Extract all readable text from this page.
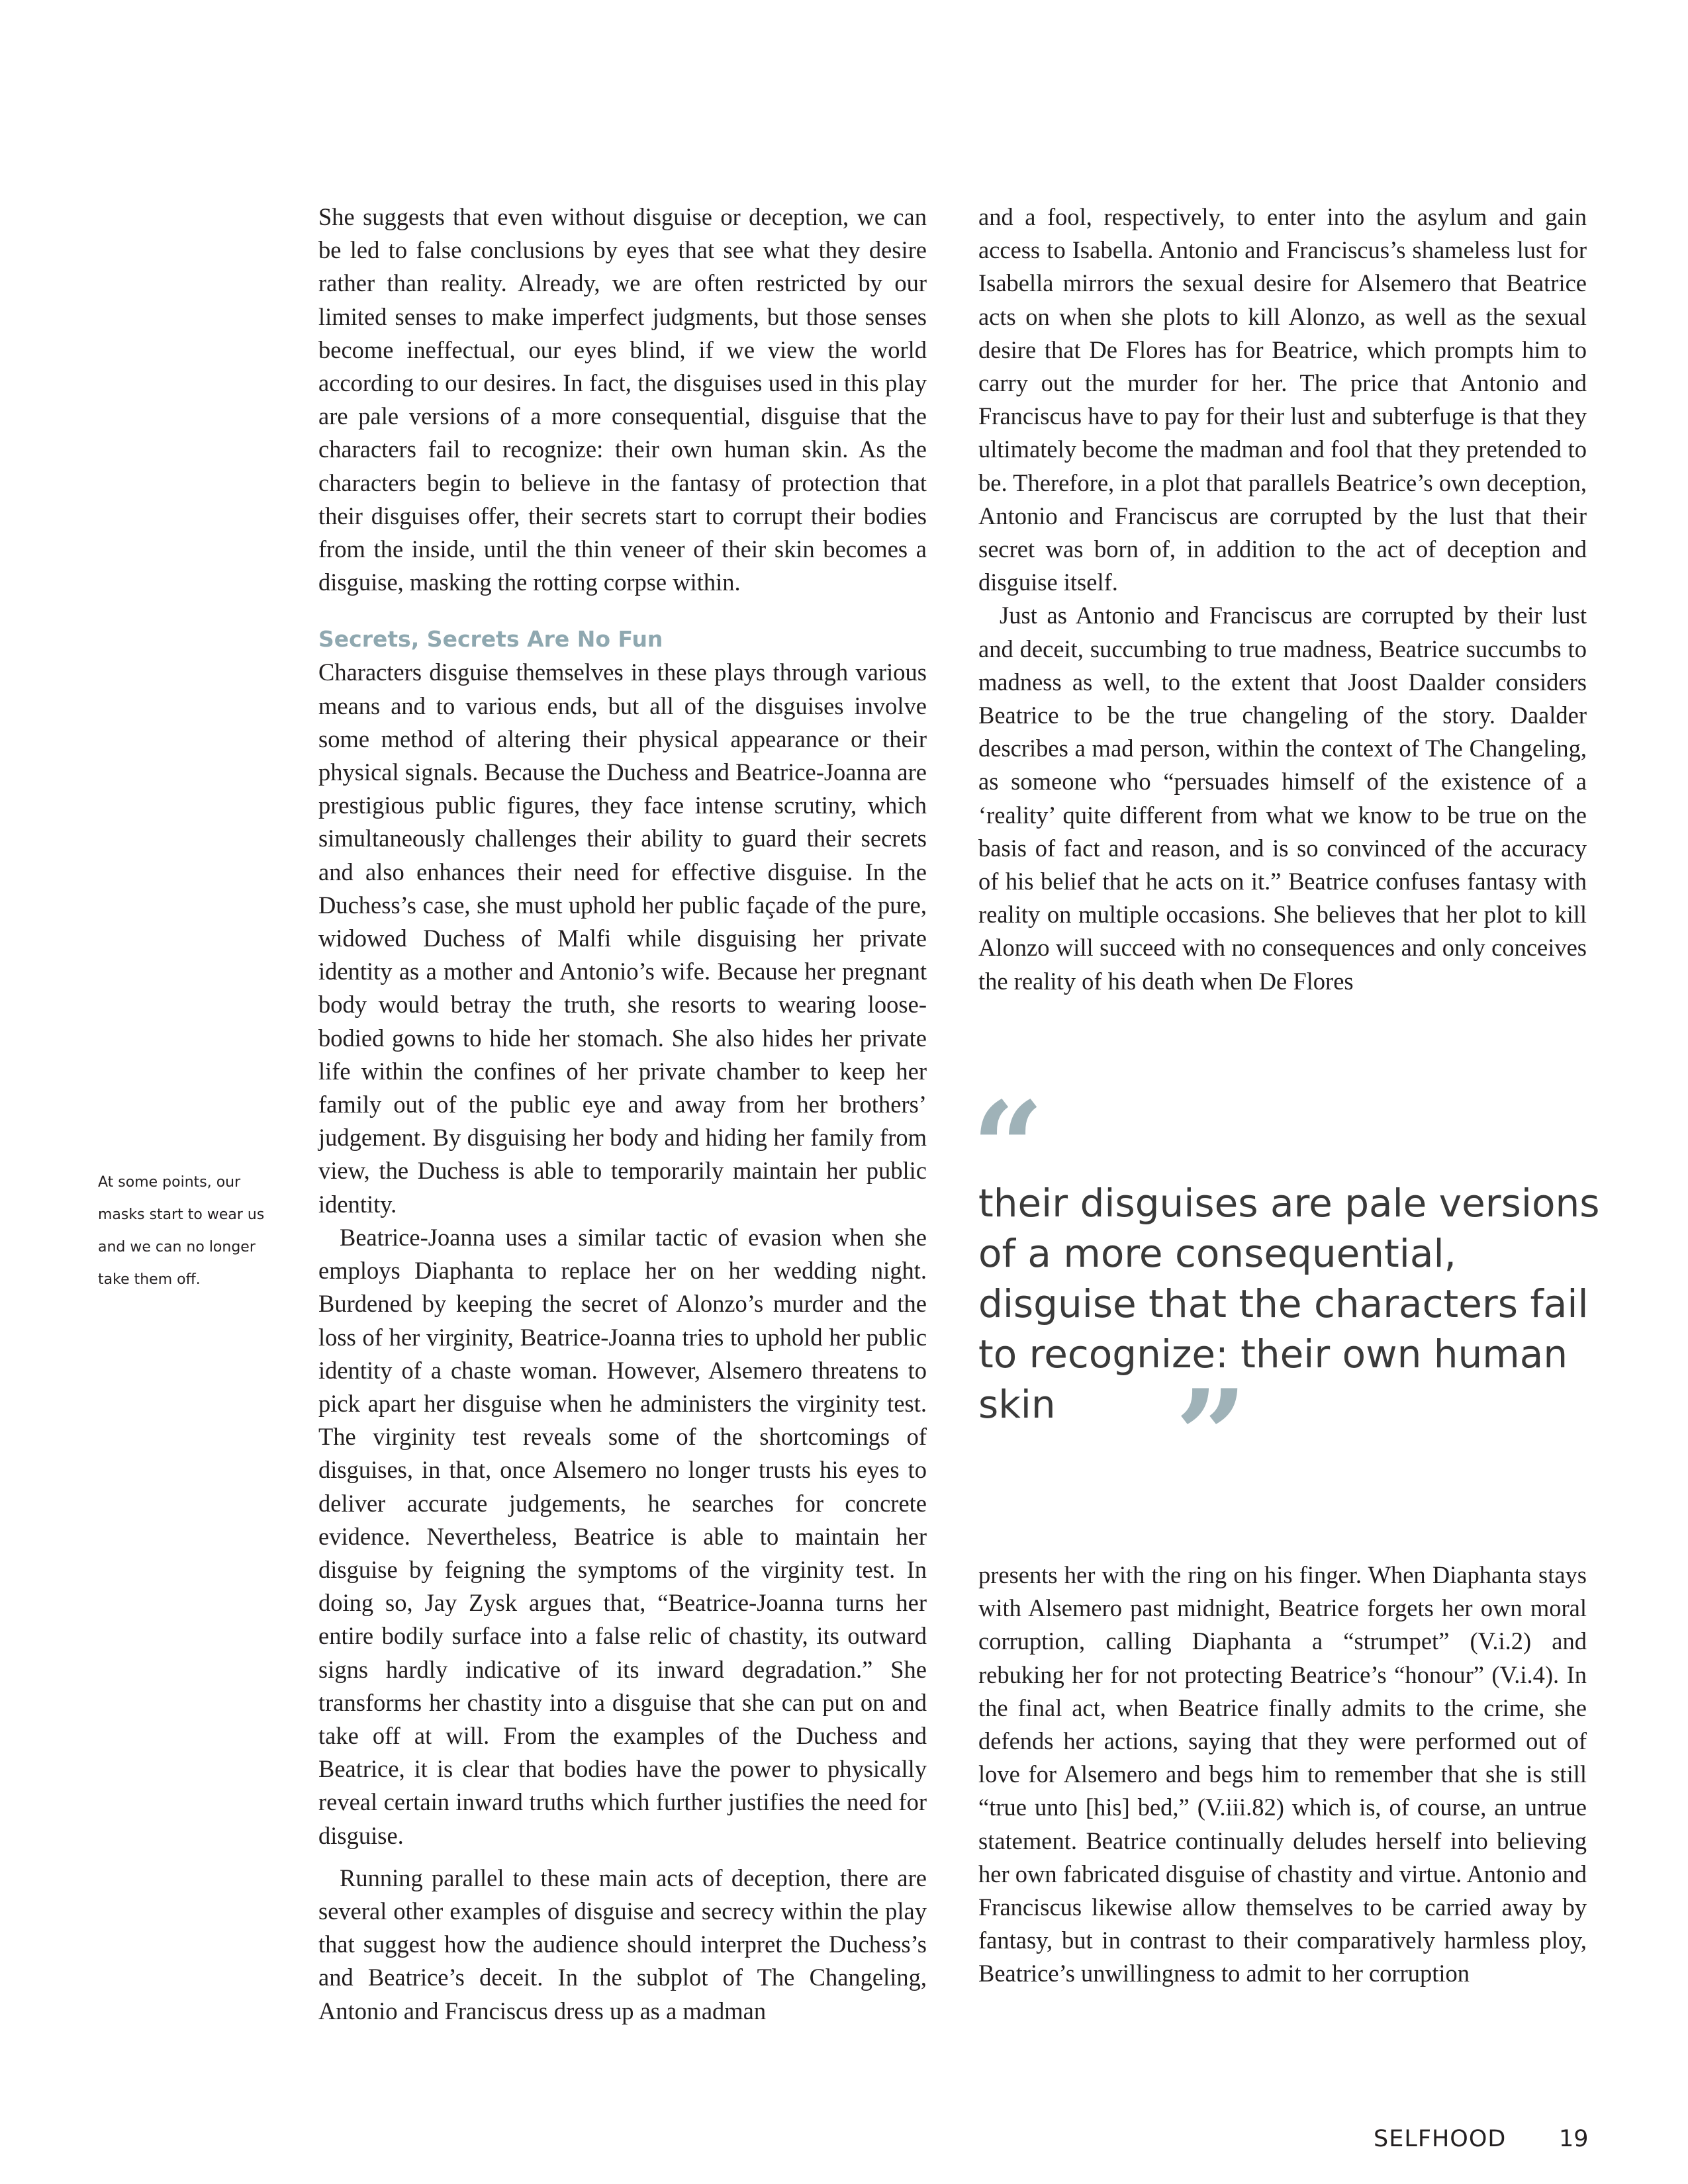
She suggests that even without disguise or deception, we can be led to false conclusions by eyes that see what they desire rather than reality. Already, we are often restricted by our limited senses to make imperfect judgments, but those senses become ineffectual, our eyes blind, if we view the world according to our desires. In fact, the disguises used in this play are pale versions of a more consequential, disguise that the characters fail to recognize: their own human skin. As the characters begin to believe in the fantasy of protection that their disguises offer, their secrets start to corrupt their bodies from the inside, until the thin veneer of their skin becomes a disguise, masking the rotting corpse within.

Secrets, Secrets Are No Fun

Characters disguise themselves in these plays through various means and to various ends, but all of the disguises involve some method of altering their physical appearance or their physical signals. Because the Duchess and Beatrice-Joanna are prestigious public figures, they face intense scrutiny, which simultaneously challenges their ability to guard their secrets and also enhances their need for effective disguise. In the Duchess’s case, she must uphold her public façade of the pure, widowed Duchess of Malfi while disguising her private identity as a mother and Antonio’s wife. Because her pregnant body would betray the truth, she resorts to wearing loose-bodied gowns to hide her stomach. She also hides her private life within the confines of her private chamber to keep her family out of the public eye and away from her brothers’ judgement. By disguising her body and hiding her family from view, the Duchess is able to temporarily maintain her public identity.

Beatrice-Joanna uses a similar tactic of evasion when she employs Diaphanta to replace her on her wedding night. Burdened by keeping the secret of Alonzo’s murder and the loss of her virginity, Beatrice-Joanna tries to uphold her public identity of a chaste woman. However, Alsemero threatens to pick apart her disguise when he administers the virginity test. The virginity test reveals some of the shortcomings of disguises, in that, once Alsemero no longer trusts his eyes to deliver accurate judgements, he searches for concrete evidence. Nevertheless, Beatrice is able to maintain her disguise by feigning the symptoms of the virginity test. In doing so, Jay Zysk argues that, “Beatrice-Joanna turns her entire bodily surface into a false relic of chastity, its outward signs hardly indicative of its inward degradation.” She transforms her chastity into a disguise that she can put on and take off at will. From the examples of the Duchess and Beatrice, it is clear that bodies have the power to physically reveal certain inward truths which further justifies the need for disguise.

Running parallel to these main acts of deception, there are several other examples of disguise and secrecy within the play that suggest how the audience should interpret the Duchess’s and Beatrice’s deceit. In the subplot of The Changeling, Antonio and Franciscus dress up as a madman

and a fool, respectively, to enter into the asylum and gain access to Isabella. Antonio and Franciscus’s shameless lust for Isabella mirrors the sexual desire for Alsemero that Beatrice acts on when she plots to kill Alonzo, as well as the sexual desire that De Flores has for Beatrice, which prompts him to carry out the murder for her. The price that Antonio and Franciscus have to pay for their lust and subterfuge is that they ultimately become the madman and fool that they pretended to be. Therefore, in a plot that parallels Beatrice’s own deception, Antonio and Franciscus are corrupted by the lust that their secret was born of, in addition to the act of deception and disguise itself.

Just as Antonio and Franciscus are corrupted by their lust and deceit, succumbing to true madness, Beatrice succumbs to madness as well, to the extent that Joost Daalder considers Beatrice to be the true changeling of the story. Daalder describes a mad person, within the context of The Changeling, as someone who “persuades himself of the existence of a ‘reality’ quite different from what we know to be true on the basis of fact and reason, and is so convinced of the accuracy of his belief that he acts on it.” Beatrice confuses fantasy with reality on multiple occasions. She believes that her plot to kill Alonzo will succeed with no consequences and only conceives the reality of his death when De Flores

presents her with the ring on his finger. When Diaphanta stays with Alsemero past midnight, Beatrice forgets her own moral corruption, calling Diaphanta a “strumpet” (V.i.2) and rebuking her for not protecting Beatrice’s “honour” (V.i.4). In the final act, when Beatrice finally admits to the crime, she defends her actions, saying that they were performed out of love for Alsemero and begs him to remember that she is still “true unto [his] bed,” (V.iii.82) which is, of course, an untrue statement. Beatrice continually deludes herself into believing her own fabricated disguise of chastity and virtue. Antonio and Franciscus likewise allow themselves to be carried away by fantasy, but in contrast to their comparatively harmless ploy, Beatrice’s unwillingness to admit to her corruption

At some points, our masks start to wear us and we can no longer take them off.
“
their disguises are pale versions of a more consequential, disguise that the characters fail to recognize: their own human skin ”
SELFHOOD 19
